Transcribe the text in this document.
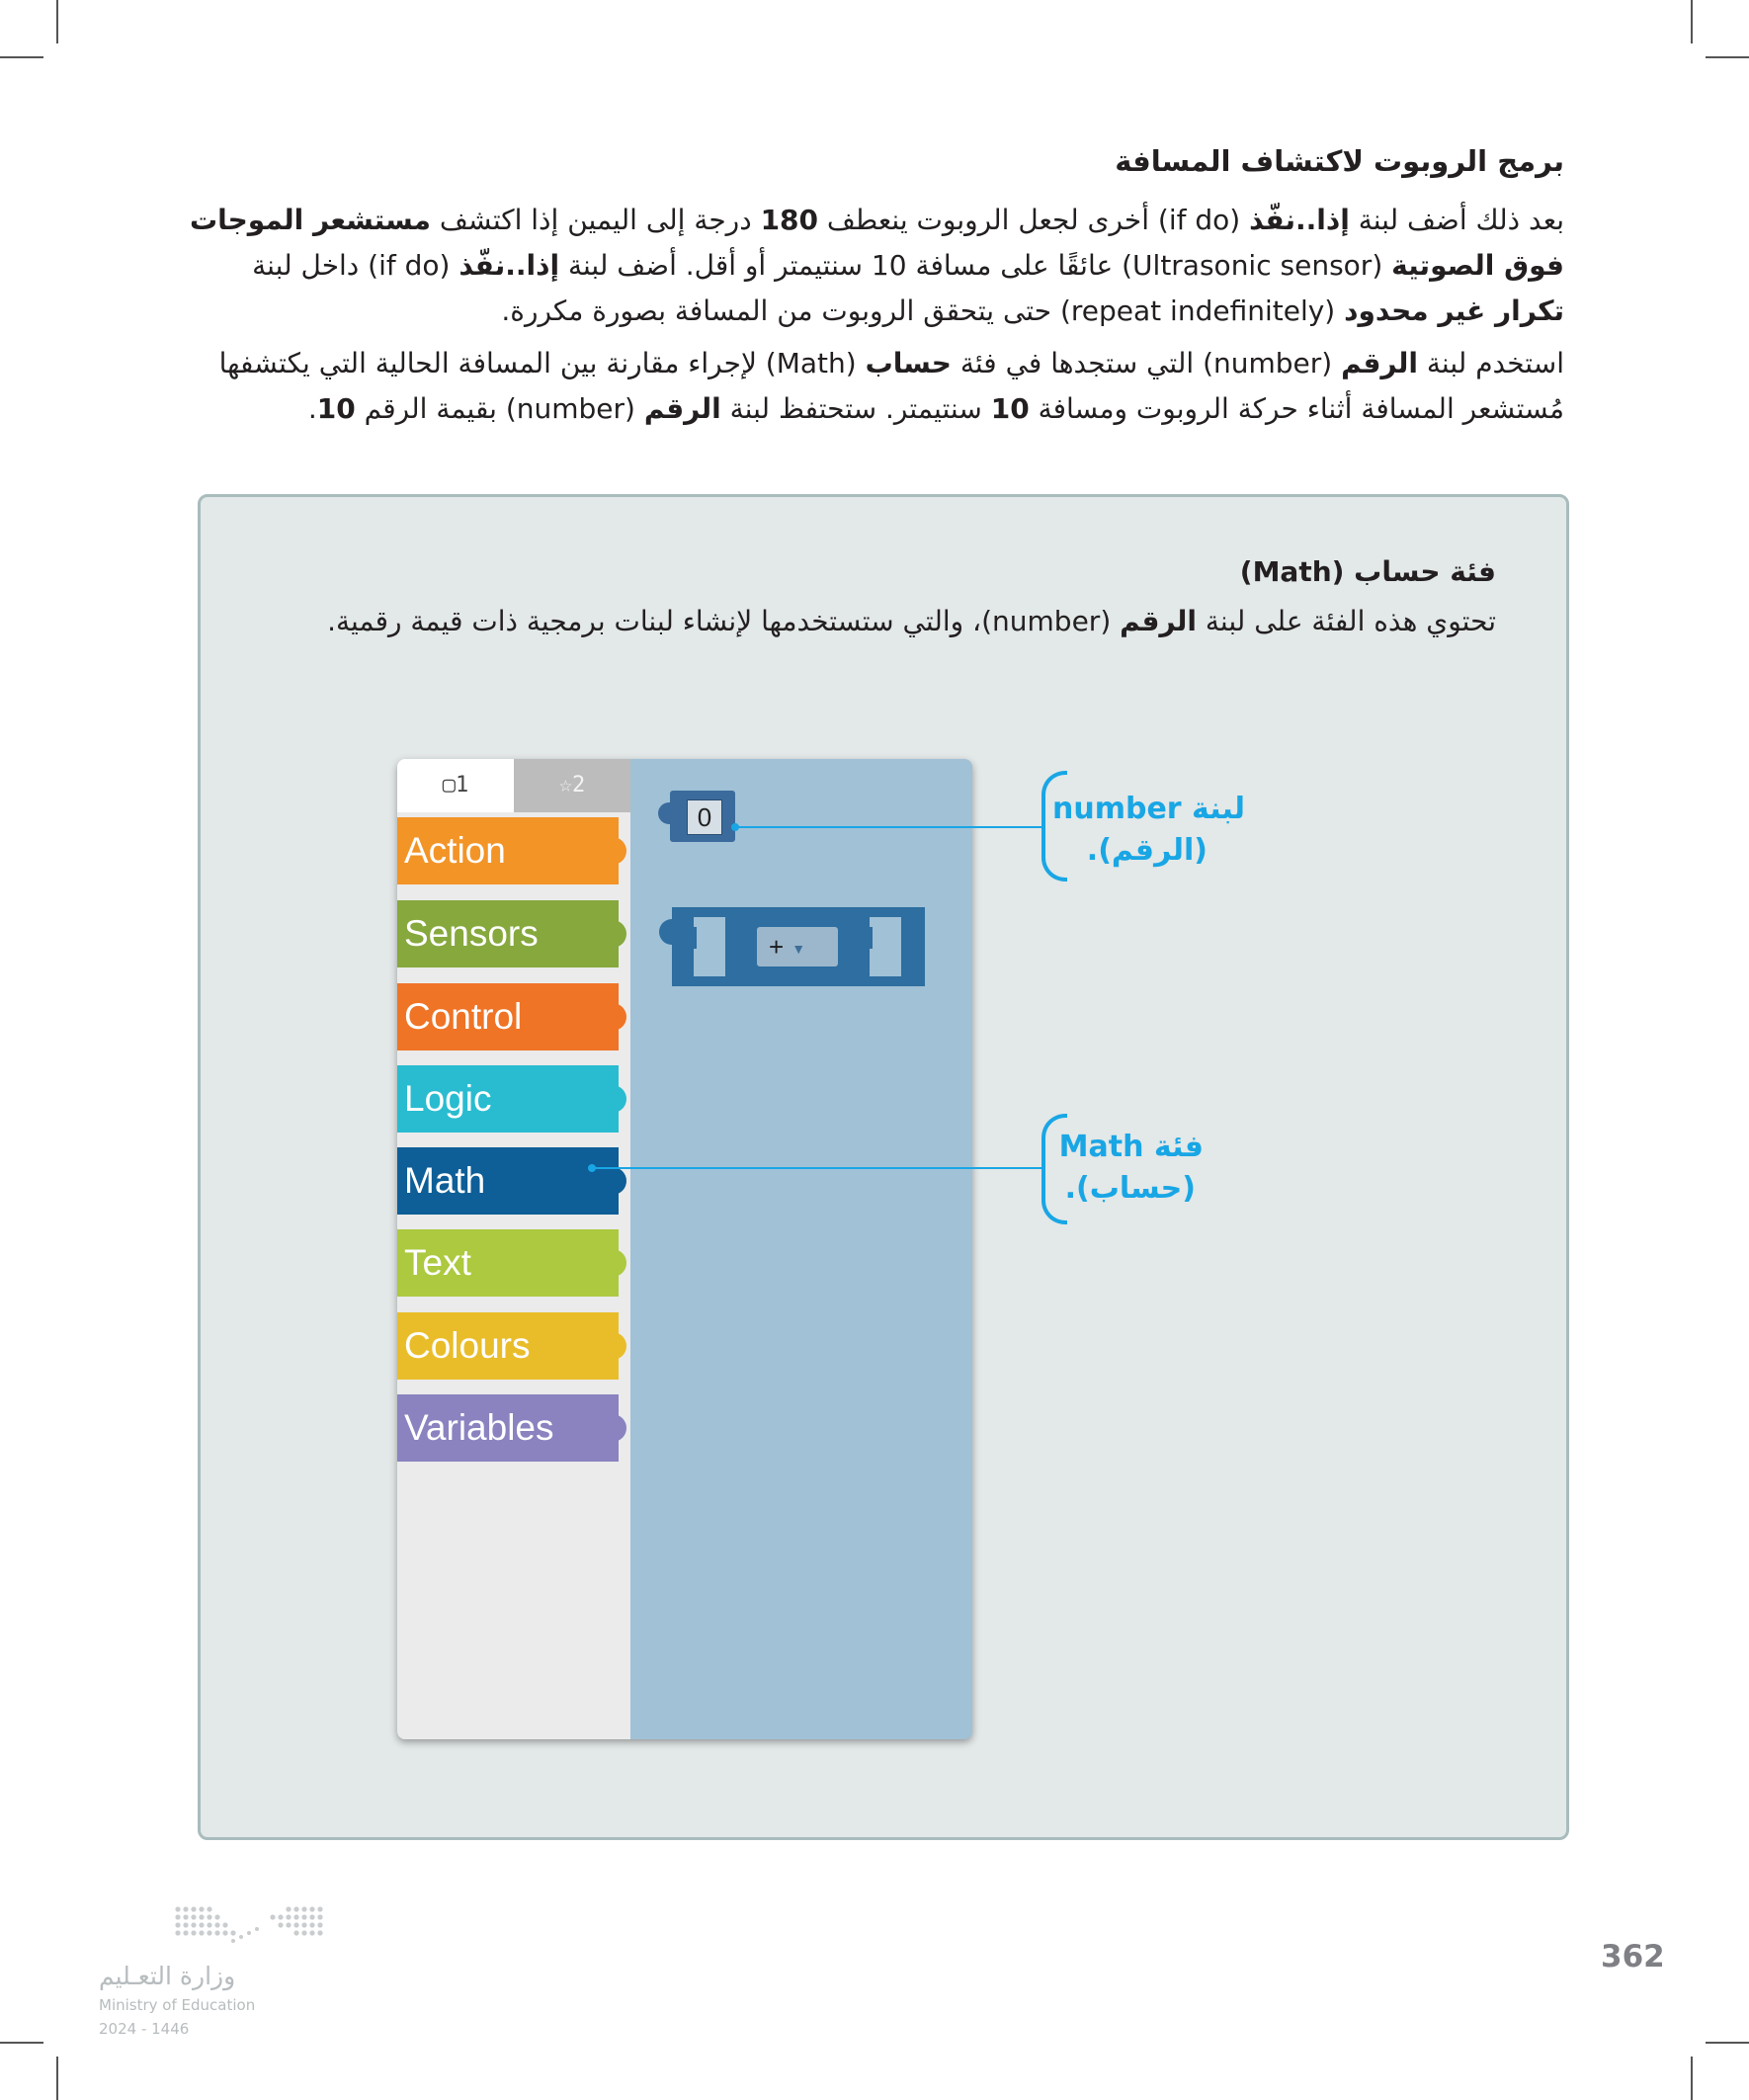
برمج الروبوت لاكتشاف المسافة
بعد ذلك أضف لبنة إذا..نفّذ (if do) أخرى لجعل الروبوت ينعطف 180 درجة إلى اليمين إذا اكتشف مستشعر الموجات فوق الصوتية (Ultrasonic sensor) عائقًا على مسافة 10 سنتيمتر أو أقل. أضف لبنة إذا..نفّذ (if do) داخل لبنة تكرار غير محدود (repeat indefinitely) حتى يتحقق الروبوت من المسافة بصورة مكررة.
استخدم لبنة الرقم (number) التي ستجدها في فئة حساب (Math) لإجراء مقارنة بين المسافة الحالية التي يكتشفها مُستشعر المسافة أثناء حركة الروبوت ومسافة 10 سنتيمتر. ستحتفظ لبنة الرقم (number) بقيمة الرقم 10.
فئة حساب (Math)
تحتوي هذه الفئة على لبنة الرقم (number)، والتي ستستخدمها لإنشاء لبنات برمجية ذات قيمة رقمية.
▢1	☆2
Action
Sensors
Control
Logic
Math
Text
Colours
Variables
0
+ ▼
لبنة number
(الرقم).
فئة Math
(حساب).
362
وزارة التعـليم
Ministry of Education
2024 - 1446
